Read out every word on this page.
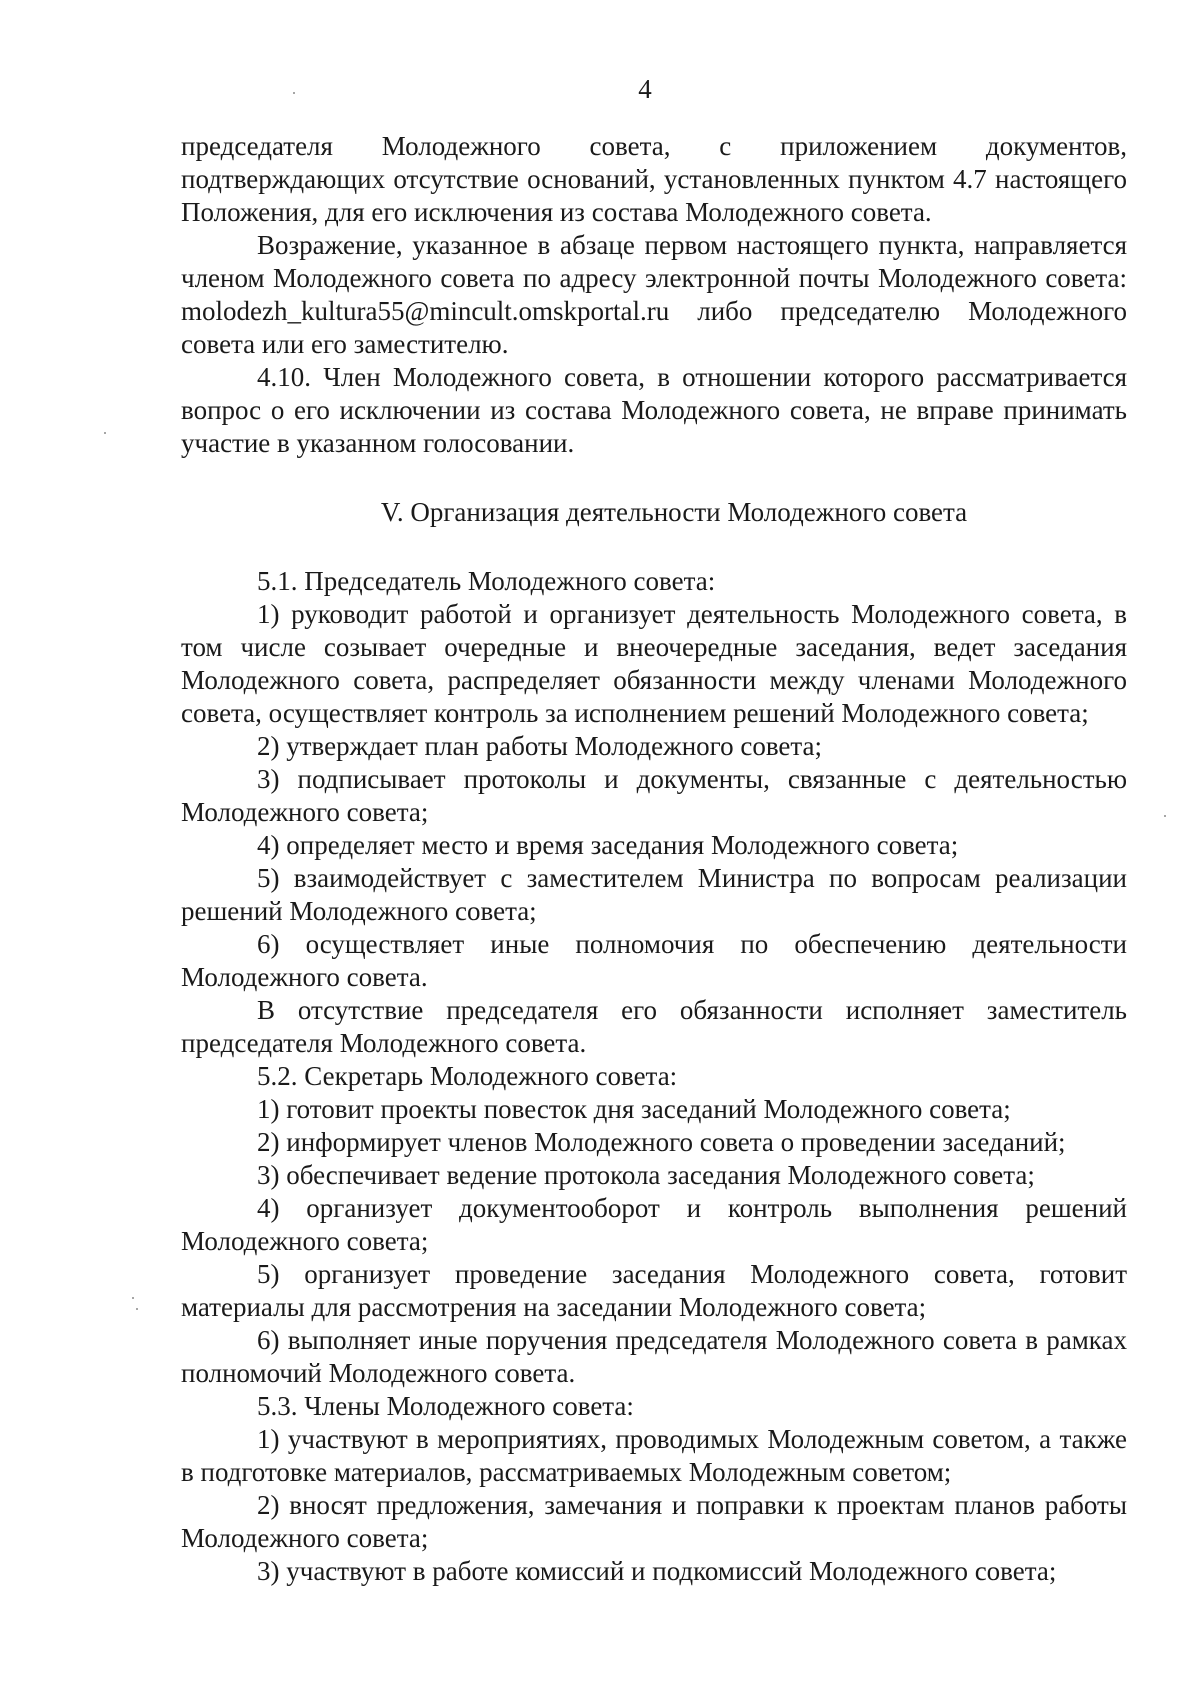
4

председателя Молодежного совета, с приложением документов, подтверждающих отсутствие оснований, установленных пунктом 4.7 настоящего Положения, для его исключения из состава Молодежного совета.

Возражение, указанное в абзаце первом настоящего пункта, направляется членом Молодежного совета по адресу электронной почты Молодежного совета: molodezh_kultura55@mincult.omskportal.ru либо председателю Молодежного совета или его заместителю.

4.10. Член Молодежного совета, в отношении которого рассматривается вопрос о его исключении из состава Молодежного совета, не вправе принимать участие в указанном голосовании.

V. Организация деятельности Молодежного совета

5.1. Председатель Молодежного совета:

1) руководит работой и организует деятельность Молодежного совета, в том числе созывает очередные и внеочередные заседания, ведет заседания Молодежного совета, распределяет обязанности между членами Молодежного совета, осуществляет контроль за исполнением решений Молодежного совета;

2) утверждает план работы Молодежного совета;

3) подписывает протоколы и документы, связанные с деятельностью Молодежного совета;

4) определяет место и время заседания Молодежного совета;

5) взаимодействует с заместителем Министра по вопросам реализации решений Молодежного совета;

6) осуществляет иные полномочия по обеспечению деятельности Молодежного совета.

В отсутствие председателя его обязанности исполняет заместитель председателя Молодежного совета.

5.2. Секретарь Молодежного совета:

1) готовит проекты повесток дня заседаний Молодежного совета;

2) информирует членов Молодежного совета о проведении заседаний;

3) обеспечивает ведение протокола заседания Молодежного совета;

4) организует документооборот и контроль выполнения решений Молодежного совета;

5) организует проведение заседания Молодежного совета, готовит материалы для рассмотрения на заседании Молодежного совета;

6) выполняет иные поручения председателя Молодежного совета в рамках полномочий Молодежного совета.

5.3. Члены Молодежного совета:

1) участвуют в мероприятиях, проводимых Молодежным советом, а также в подготовке материалов, рассматриваемых Молодежным советом;

2) вносят предложения, замечания и поправки к проектам планов работы Молодежного совета;

3) участвуют в работе комиссий и подкомиссий Молодежного совета;
